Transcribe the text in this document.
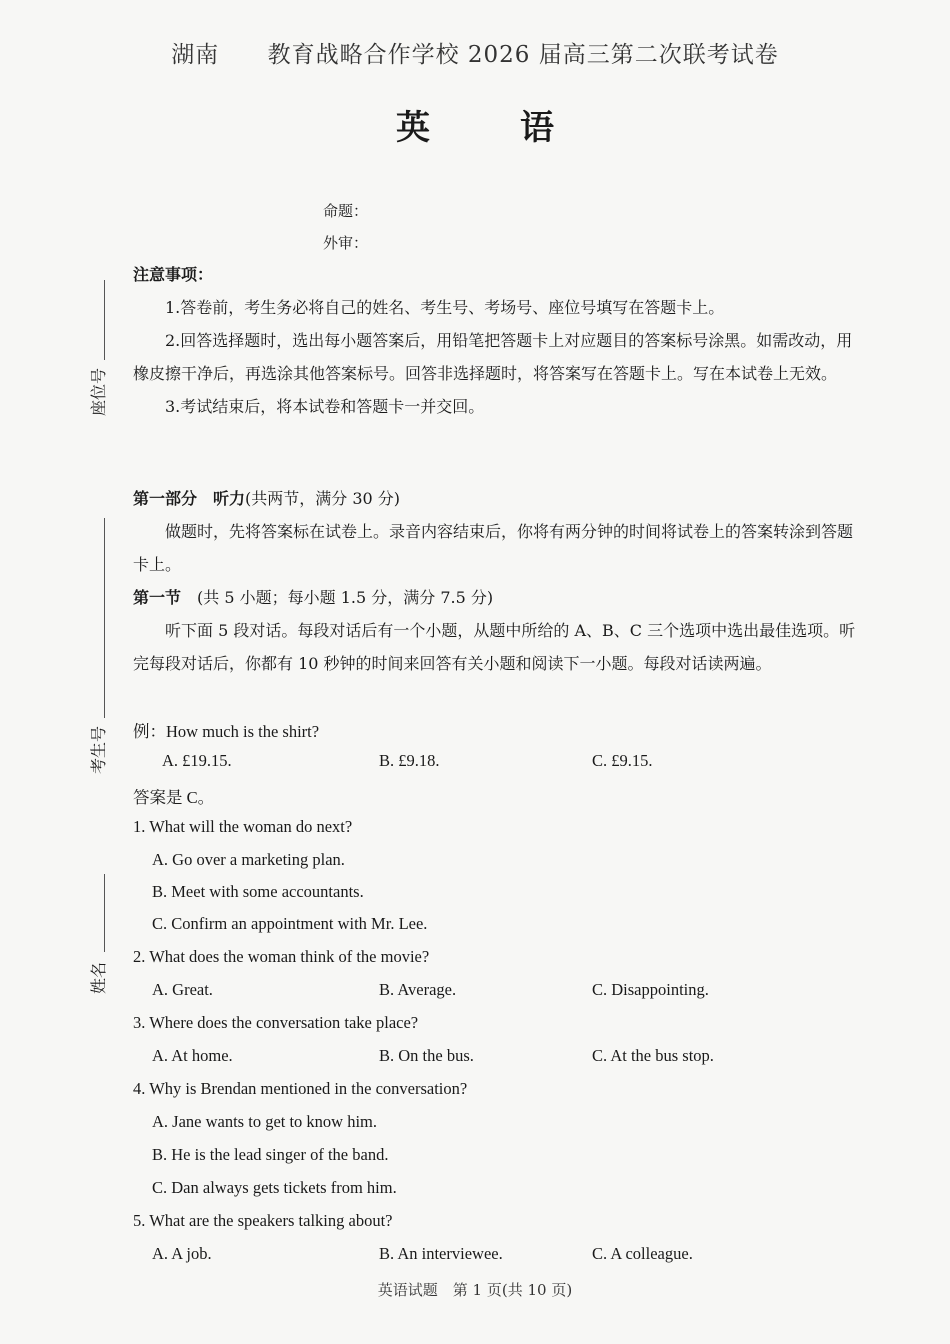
湖南 教育战略合作学校 2026 届高三第二次联考试卷
英语
命题：
外审：
座位号
考生号
姓名

注意事项：

1.答卷前，考生务必将自己的姓名、考生号、考场号、座位号填写在答题卡上。

2.回答选择题时，选出每小题答案后，用铅笔把答题卡上对应题目的答案标号涂黑。如需改动，用橡皮擦干净后，再选涂其他答案标号。回答非选择题时，将答案写在答题卡上。写在本试卷上无效。

3.考试结束后，将本试卷和答题卡一并交回。

第一部分　听力(共两节，满分 30 分)

做题时，先将答案标在试卷上。录音内容结束后，你将有两分钟的时间将试卷上的答案转涂到答题卡上。

第一节　 (共 5 小题；每小题 1.5 分，满分 7.5 分)

听下面 5 段对话。每段对话后有一个小题，从题中所给的 A、B、C 三个选项中选出最佳选项。听完每段对话后，你都有 10 秒钟的时间来回答有关小题和阅读下一小题。每段对话读两遍。

例：How much is the shirt?
A. £19.15.	B. £9.18.	C. £9.15.
答案是 C。
1. What will the woman do next?
A. Go over a marketing plan.
B. Meet with some accountants.
C. Confirm an appointment with Mr. Lee.
2. What does the woman think of the movie?
A. Great.	B. Average.	C. Disappointing.
3. Where does the conversation take place?
A. At home.	B. On the bus.	C. At the bus stop.
4. Why is Brendan mentioned in the conversation?
A. Jane wants to get to know him.
B. He is the lead singer of the band.
C. Dan always gets tickets from him.
5. What are the speakers talking about?
A. A job.	B. An interviewee.	C. A colleague.
英语试题　第 1 页(共 10 页)
